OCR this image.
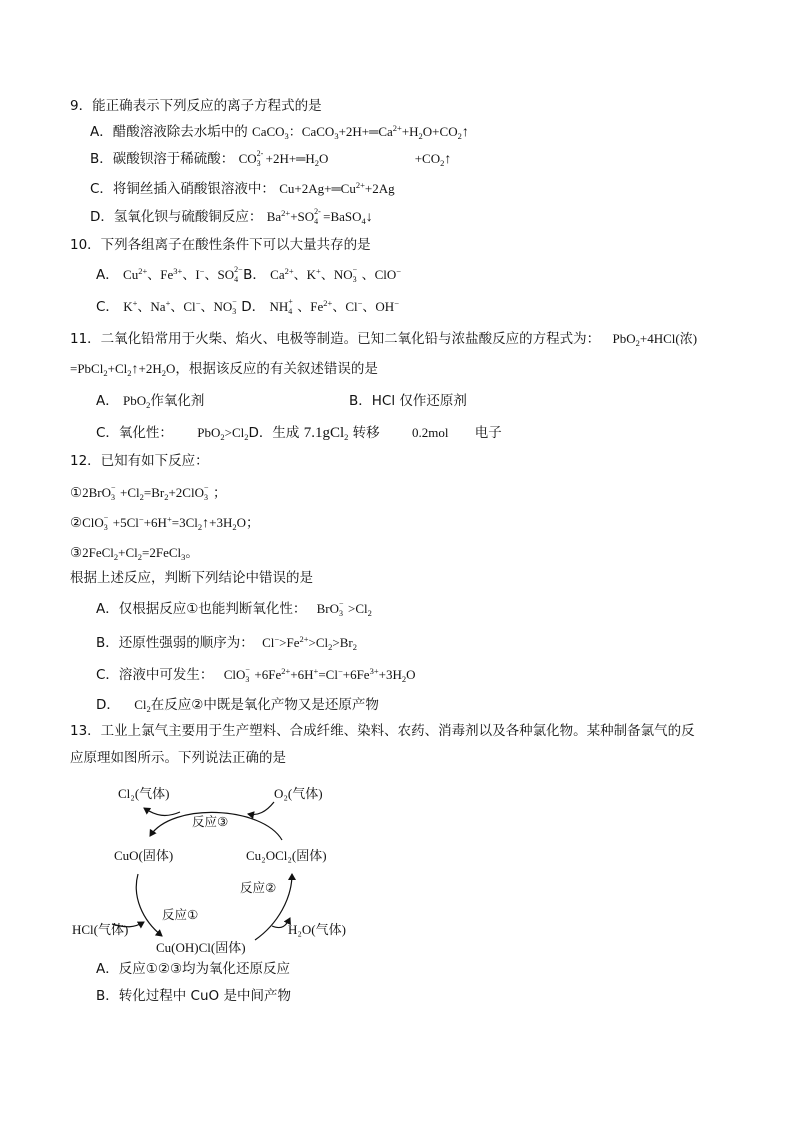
9．能正确表示下列反应的离子方程式的是
A．醋酸溶液除去水垢中的 CaCO$_3$：$CaCO_3+2H+═Ca^{2+}+H_2O+CO_2↑$
B．碳酸钡溶于稀硫酸： CO 2-
$3 +2H+═H_2O$	$+CO_2↑$
C．将铜丝插入硝酸银溶液中： $Cu+2Ag+═Cu^{2+}+2Ag$
D．氢氧化钡与硫酸铜反应： $Ba^{2+}+SO$ 2-
4 =BaSO$_4$↓
10．下列各组离子在酸性条件下可以大量共存的是
A． $Cu^{2+}$、$Fe^{3+}$、I−、SO 2−
4 B． $Ca^{2+}$、K+、NO −
3 、ClO−
C． K+、Na+、Cl−、NO −
3 D． NH +
4 、$Fe^{2+}$、Cl−、OH−
11．二氧化铅常用于火柴、焰火、电极等制造。已知二氧化铅与浓盐酸反应的方程式为： PbO$_2$+4HCl(浓)
$=PbCl_2+Cl_2↑+2H_2O$，根据该反应的有关叙述错误的是
A． PbO$_2$作氧化剂	B．HCl 仅作还原剂
C．氧化性： $PbO_2>Cl_2D$．生成 7.1gCl$_2$ 转移 0.2mol 电子
12．已知有如下反应：
①2BrO −
$3 +Cl_2=Br_2+2ClO$ −
3 ；
②ClO −
$3 +5Cl^-+6H^+=3Cl_2↑+3H_2O$；
$③2FeCl_2+Cl_2=2FeCl_3$。
根据上述反应，判断下列结论中错误的是
A．仅根据反应①也能判断氧化性： BrO −
$3 >Cl_2$
B．还原性强弱的顺序为： $Cl^->Fe^{2+}>Cl_2>Br_2$
C．溶液中可发生： ClO −
$3 +6Fe^{2+}+6H^+=Cl^-+6Fe^{3+}+3H_2O$
D． $Cl_2$在反应②中既是氧化产物又是还原产物
13．工业上氯气主要用于生产塑料、合成纤维、染料、农药、消毒剂以及各种氯化物。某种制备氯气的反
应原理如图所示。下列说法正确的是
Cl₂(气体)	O₂(气体)
反应③
CuO(固体)	Cu₂OCl₂(固体)
反应②
反应①
HCl(气体)	H₂O(气体)
Cu(OH)Cl(固体)
A．反应①②③均为氧化还原反应
B．转化过程中 CuO 是中间产物
